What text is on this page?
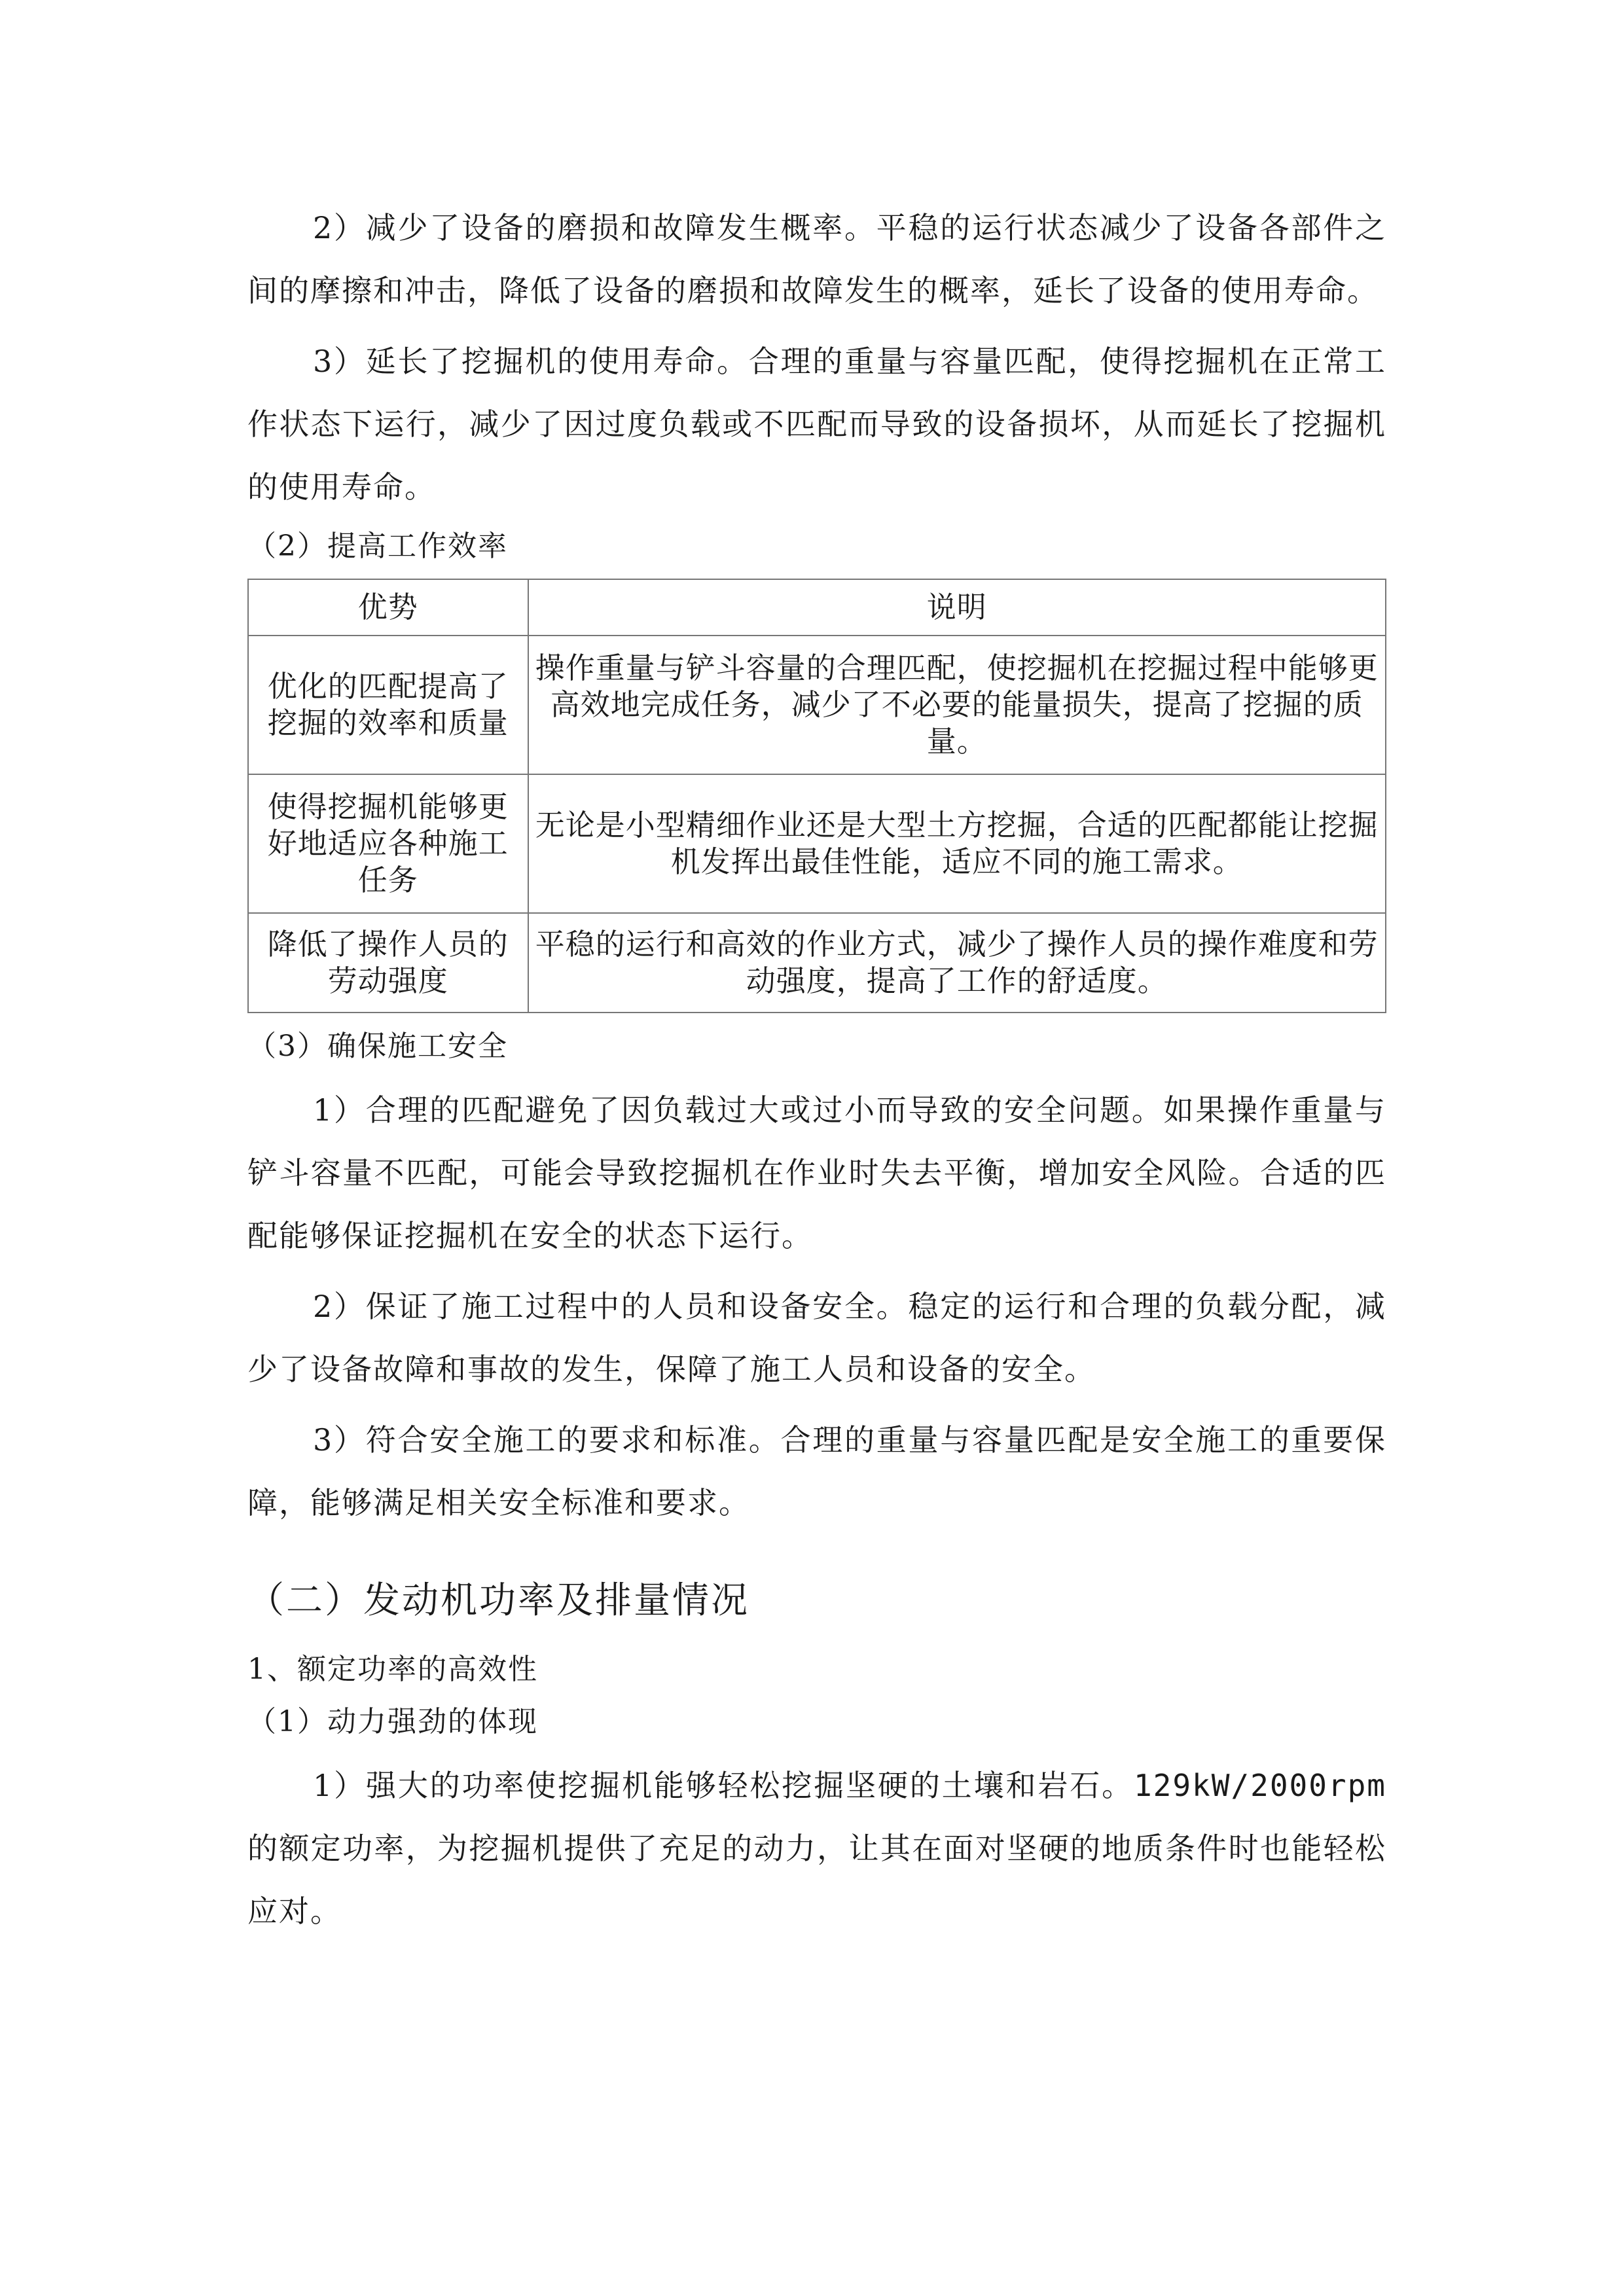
2）减少了设备的磨损和故障发生概率。平稳的运行状态减少了设备各部件之间的摩擦和冲击，降低了设备的磨损和故障发生的概率，延长了设备的使用寿命。

3）延长了挖掘机的使用寿命。合理的重量与容量匹配，使得挖掘机在正常工作状态下运行，减少了因过度负载或不匹配而导致的设备损坏，从而延长了挖掘机的使用寿命。

（2）提高工作效率
优势	说明
优化的匹配提高了挖掘的效率和质量	操作重量与铲斗容量的合理匹配，使挖掘机在挖掘过程中能够更高效地完成任务，减少了不必要的能量损失，提高了挖掘的质量。
使得挖掘机能够更好地适应各种施工任务	无论是小型精细作业还是大型土方挖掘，合适的匹配都能让挖掘机发挥出最佳性能，适应不同的施工需求。
降低了操作人员的劳动强度	平稳的运行和高效的作业方式，减少了操作人员的操作难度和劳动强度，提高了工作的舒适度。
（3）确保施工安全

1）合理的匹配避免了因负载过大或过小而导致的安全问题。如果操作重量与铲斗容量不匹配，可能会导致挖掘机在作业时失去平衡，增加安全风险。合适的匹配能够保证挖掘机在安全的状态下运行。

2）保证了施工过程中的人员和设备安全。稳定的运行和合理的负载分配，减少了设备故障和事故的发生，保障了施工人员和设备的安全。

3）符合安全施工的要求和标准。合理的重量与容量匹配是安全施工的重要保障，能够满足相关安全标准和要求。

（二）发动机功率及排量情况
1、额定功率的高效性
（1）动力强劲的体现

1）强大的功率使挖掘机能够轻松挖掘坚硬的土壤和岩石。129kW/2000rpm的额定功率，为挖掘机提供了充足的动力，让其在面对坚硬的地质条件时也能轻松应对。
